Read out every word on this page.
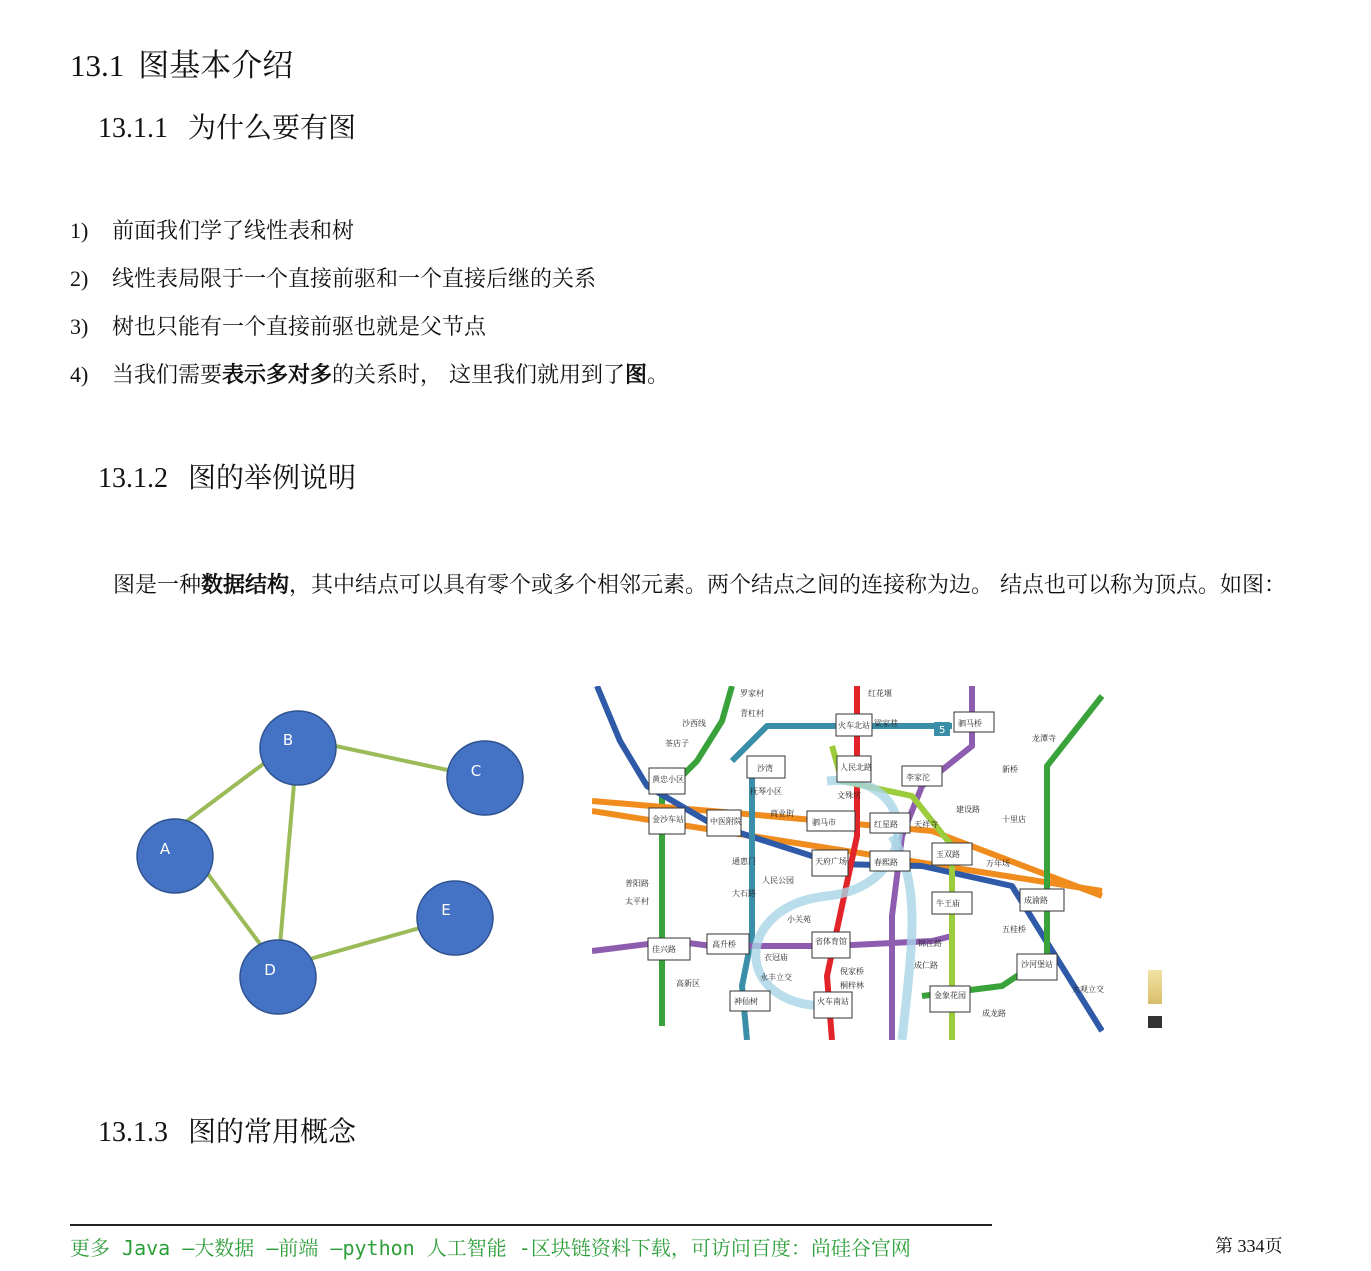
13.1 图基本介绍
13.1.1 为什么要有图
1) 前面我们学了线性表和树
2) 线性表局限于一个直接前驱和一个直接后继的关系
3) 树也只能有一个直接前驱也就是父节点
4) 当我们需要表示多对多的关系时， 这里我们就用到了图。
13.1.2 图的举例说明
图是一种数据结构，其中结点可以具有零个或多个相邻元素。两个结点之间的连接称为边。 结点也可以称为顶点。如图：
B
C
A
E
D
5
罗家村
青杠村
红花堰
沙西线
茶店子
火车北站 梁家巷	驷马桥
沙湾	人民北路
李家沱
抚琴小区	文殊坊
黄忠小区
驷马市	红星路 天祥寺
金沙车站	中医附院
商业街
玉双路
通惠门	天府广场	春熙路
人民公园
大石路
牛王庙	成渝路
小关苑
省体育馆
高升桥
佳兴路
衣冠庙
锦江路
成仁路
永丰立交
倪家桥
桐梓林
高新区
神仙树	火车南站
金象花园
成龙路
十里店
新桥
龙潭寺
五桂桥
沙河堡站
大观立交
太平村
普阳路
建设路
万年场
13.1.3 图的常用概念
更多 Java –大数据 –前端 –python 人工智能 -区块链资料下载，可访问百度：尚硅谷官网	第 334页
